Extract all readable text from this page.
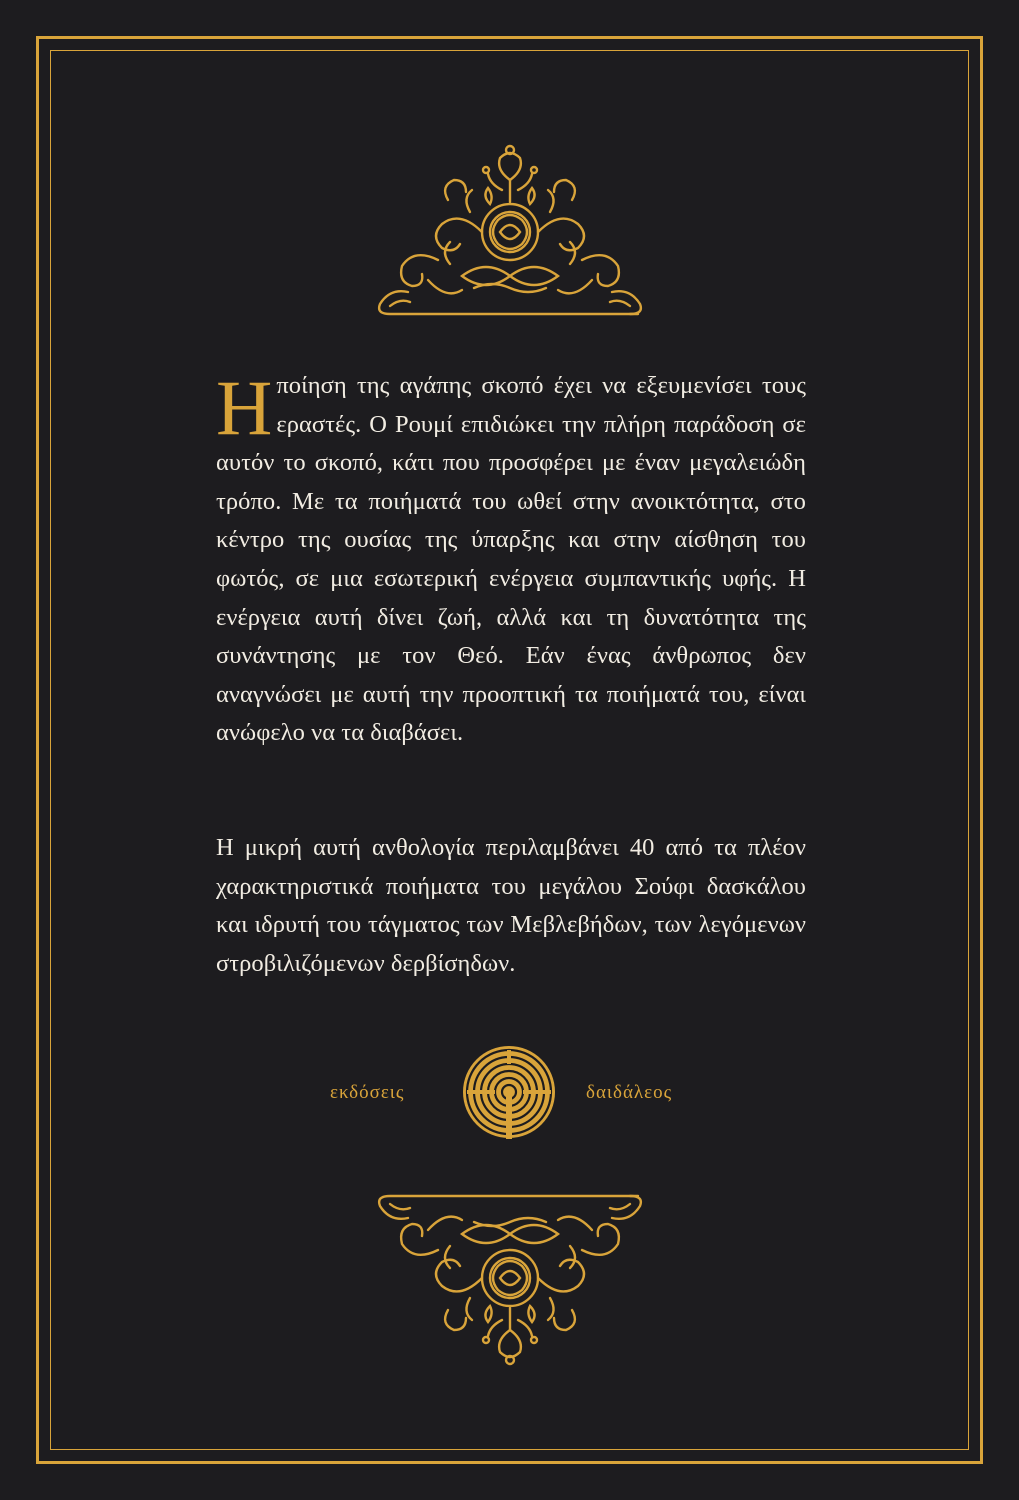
Ηποίηση της αγάπης σκοπό έχει να εξευμενίσει τους εραστές. Ο Ρουμί επιδιώκει την πλήρη παράδοση σε αυτόν το σκοπό, κάτι που προσφέρει με έναν μεγαλειώδη τρόπο. Με τα ποιήματά του ωθεί στην ανοικτότητα, στο κέντρο της ουσίας της ύπαρξης και στην αίσθηση του φωτός, σε μια εσωτερική ενέργεια συμπαντικής υφής. Η ενέργεια αυτή δίνει ζωή, αλλά και τη δυνατότητα της συνάντησης με τον Θεό. Εάν ένας άνθρωπος δεν αναγνώσει με αυτή την προοπτική τα ποιήματά του, είναι ανώφελο να τα διαβάσει.

Η μικρή αυτή ανθολογία περιλαμβάνει 40 από τα πλέον χαρακτηριστικά ποιήματα του μεγάλου Σούφι δασκάλου και ιδρυτή του τάγματος των Μεβλεβήδων, των λεγόμενων στροβιλιζόμενων δερβίσηδων.

εκδόσεις	δαιδάλεος
